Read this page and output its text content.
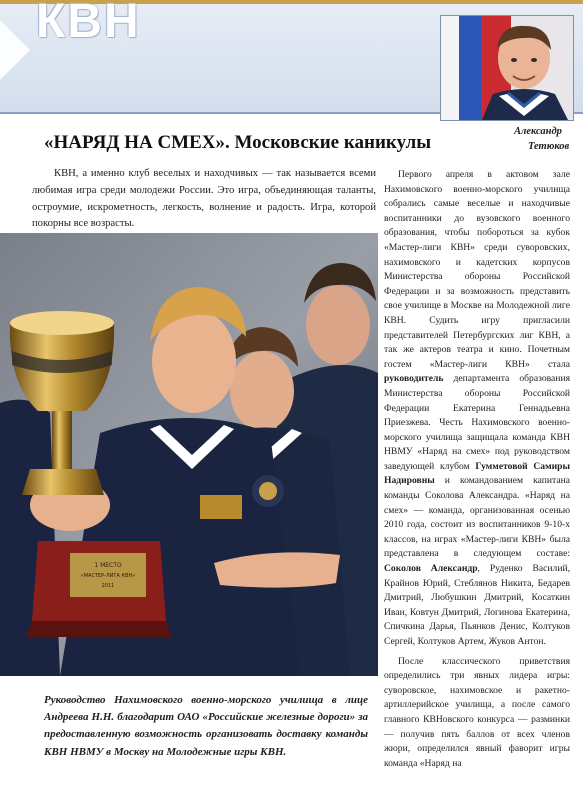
КВН
Александр
Тетюков
«НАРЯД НА СМЕХ». Московские каникулы

КВН, а именно клуб веселых и находчивых — так называется всеми любимая игра среди молодежи России. Это игра, объединяющая таланты, остроумие, искрометность, легкость, волнение и радость. Игра, которой покорны все возрасты.

1 МЕСТО
«МАСТЕР-ЛИГА КВН»
2011

Руководство Нахимовского военно-морского училища в лице Андреева Н.Н. благодарит ОАО «Российские железные дороги» за предоставленную возможность организовать доставку команды КВН НВМУ в Москву на Молодежные игры КВН.

Первого апреля в актовом зале Нахимовского военно-морского училища собрались самые веселые и находчивые воспитанники до вузовского военного образования, чтобы побороться за кубок «Мастер-лиги КВН» среди суворовских, нахимовского и кадетских корпусов Министерства обороны Российской Федерации и за возможность представить свое училище в Москве на Молодежной лиге КВН. Судить игру пригласили представителей Петербургских лиг КВН, а так же актеров театра и кино. Почетным гостем «Мастер-лиги КВН» стала руководитель департамента образования Министерства обороны Российской Федерации Екатерина Геннадьевна Приезжева. Честь Нахимовского военно-морского училища защищала команда КВН НВМУ «Наряд на смех» под руководством заведующей клубом Гумметовой Самиры Надировны и командованием капитана команды Соколова Александра. «Наряд на смех» — команда, организованная осенью 2010 года, состоит из воспитанников 9-10-х классов, на играх «Мастер-лиги КВН» была представлена в следующем составе: Соколов Александр, Руденко Василий, Крайнов Юрий, Стеблянов Никита, Бедарев Дмитрий, Любушкин Дмитрий, Косаткин Иван, Ковтун Дмитрий, Логинова Екатерина, Спичкина Дарья, Пьянков Денис, Колтуков Сергей, Колтуков Артем, Жуков Антон.

После классического приветствия определились три явных лидера игры: суворовское, нахимовское и ракетно-артиллерийское училища, а после самого главного КВНовского конкурса — разминки — получив пять баллов от всех членов жюри, определился явный фаворит игры команда «Наряд на
